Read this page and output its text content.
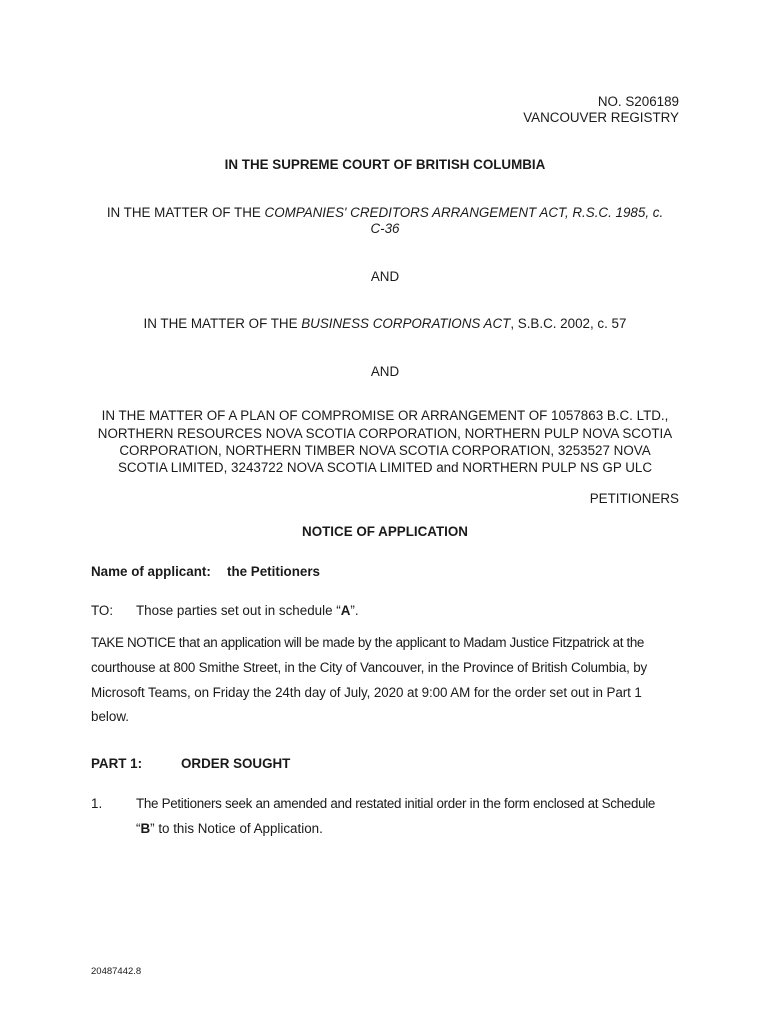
NO. S206189
VANCOUVER REGISTRY
IN THE SUPREME COURT OF BRITISH COLUMBIA
IN THE MATTER OF THE COMPANIES' CREDITORS ARRANGEMENT ACT, R.S.C. 1985, c.
C-36
AND
IN THE MATTER OF THE BUSINESS CORPORATIONS ACT, S.B.C. 2002, c. 57
AND
IN THE MATTER OF A PLAN OF COMPROMISE OR ARRANGEMENT OF 1057863 B.C. LTD.,
NORTHERN RESOURCES NOVA SCOTIA CORPORATION, NORTHERN PULP NOVA SCOTIA
CORPORATION, NORTHERN TIMBER NOVA SCOTIA CORPORATION, 3253527 NOVA
SCOTIA LIMITED, 3243722 NOVA SCOTIA LIMITED and NORTHERN PULP NS GP ULC
PETITIONERS
NOTICE OF APPLICATION
Name of applicant: the Petitioners
TO: Those parties set out in schedule “A”.
TAKE NOTICE that an application will be made by the applicant to Madam Justice Fitzpatrick at the
courthouse at 800 Smithe Street, in the City of Vancouver, in the Province of British Columbia, by
Microsoft Teams, on Friday the 24th day of July, 2020 at 9:00 AM for the order set out in Part 1
below.
PART 1:	ORDER SOUGHT
1.	The Petitioners seek an amended and restated initial order in the form enclosed at Schedule
“B” to this Notice of Application.
20487442.8
